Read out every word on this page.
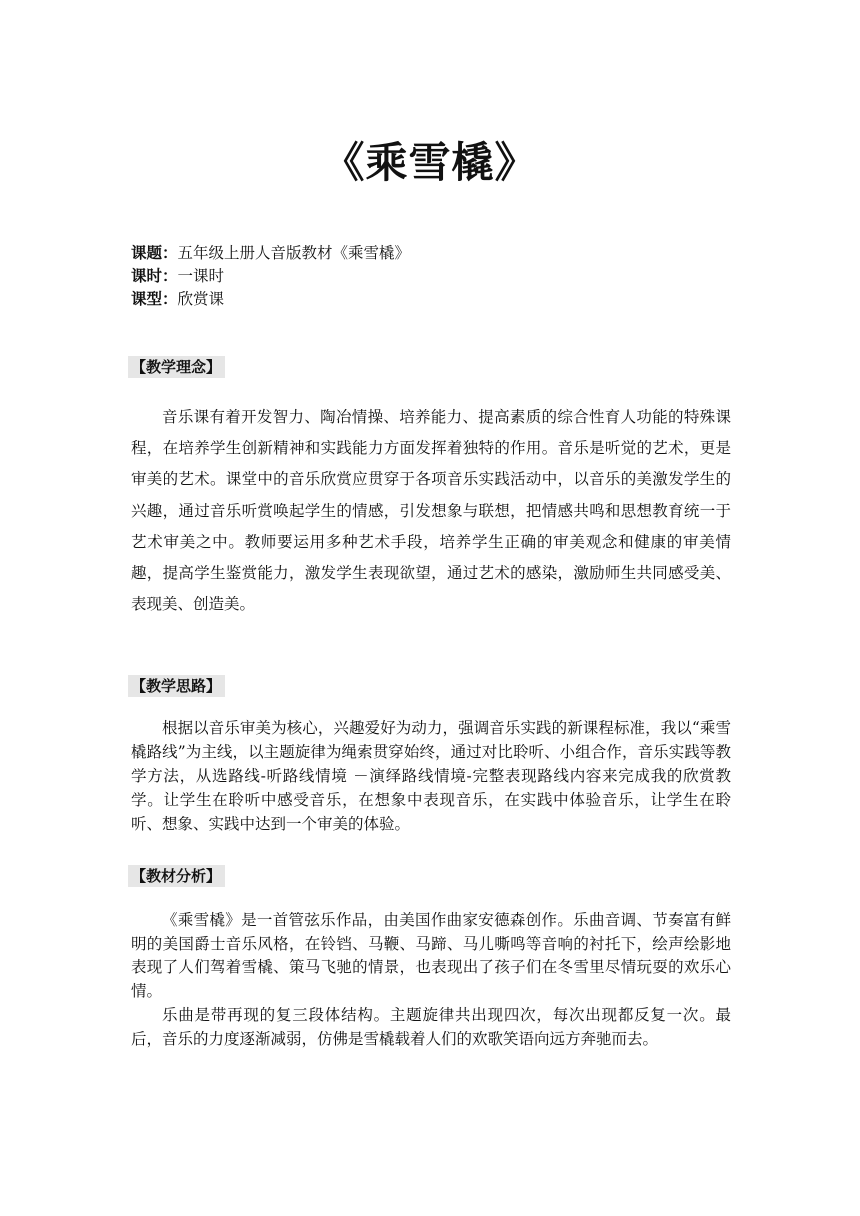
《乘雪橇》
课题：五年级上册人音版教材《乘雪橇》
课时：一课时
课型：欣赏课
【教学理念】

音乐课有着开发智力、陶冶情操、培养能力、提高素质的综合性育人功能的特殊课程，在培养学生创新精神和实践能力方面发挥着独特的作用。音乐是听觉的艺术，更是审美的艺术。课堂中的音乐欣赏应贯穿于各项音乐实践活动中，以音乐的美激发学生的兴趣，通过音乐听赏唤起学生的情感，引发想象与联想，把情感共鸣和思想教育统一于艺术审美之中。教师要运用多种艺术手段，培养学生正确的审美观念和健康的审美情趣，提高学生鉴赏能力，激发学生表现欲望，通过艺术的感染，激励师生共同感受美、表现美、创造美。

【教学思路】

根据以音乐审美为核心，兴趣爱好为动力，强调音乐实践的新课程标准，我以“乘雪橇路线”为主线，以主题旋律为绳索贯穿始终，通过对比聆听、小组合作，音乐实践等教学方法，从选路线-听路线情境 －演绎路线情境-完整表现路线内容来完成我的欣赏教学。让学生在聆听中感受音乐，在想象中表现音乐，在实践中体验音乐，让学生在聆听、想象、实践中达到一个审美的体验。

【教材分析】

《乘雪橇》是一首管弦乐作品，由美国作曲家安德森创作。乐曲音调、节奏富有鲜明的美国爵士音乐风格，在铃铛、马鞭、马蹄、马儿嘶鸣等音响的衬托下，绘声绘影地表现了人们驾着雪橇、策马飞驰的情景，也表现出了孩子们在冬雪里尽情玩耍的欢乐心情。

乐曲是带再现的复三段体结构。主题旋律共出现四次，每次出现都反复一次。最后，音乐的力度逐渐减弱，仿佛是雪橇载着人们的欢歌笑语向远方奔驰而去。
